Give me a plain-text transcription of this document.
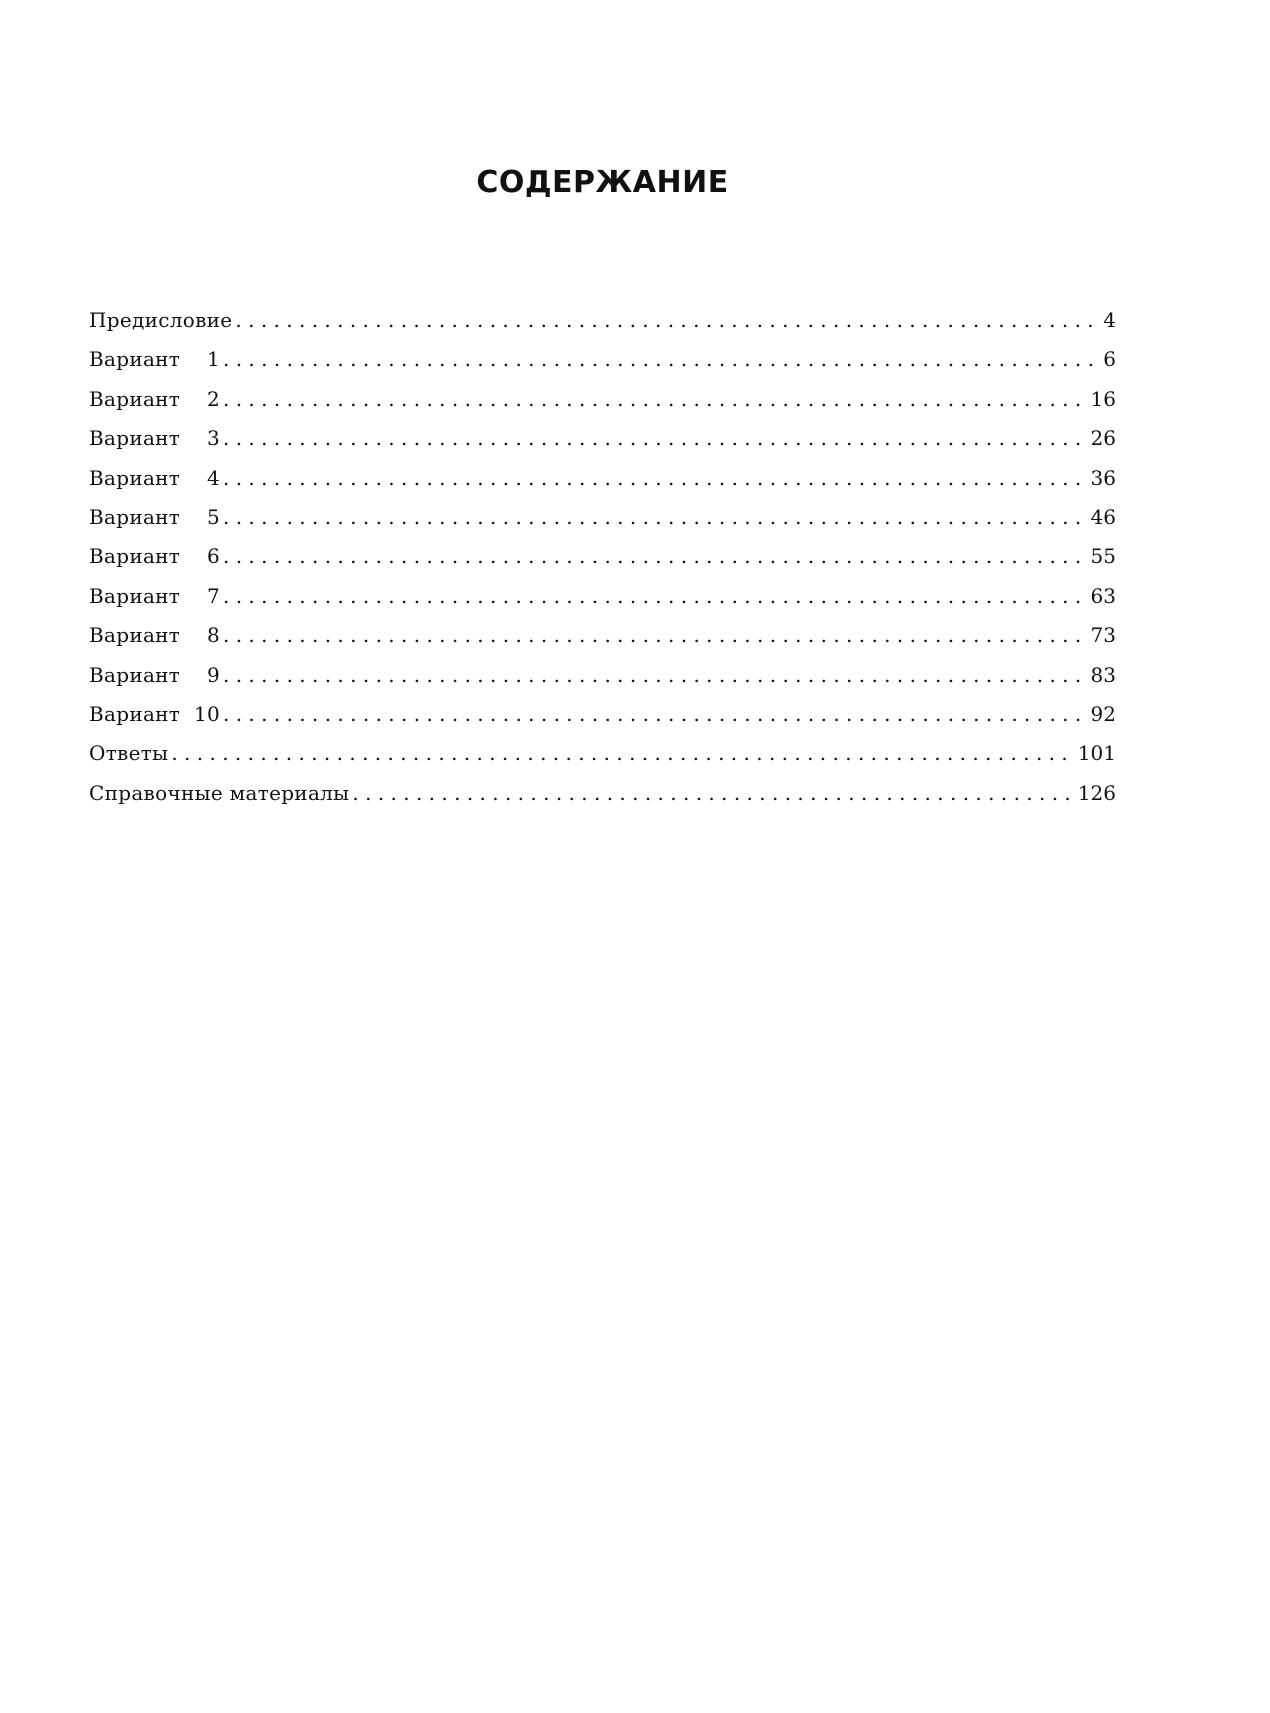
СОДЕРЖАНИЕ
Предисловие . . .	4
Вариант 1 . . .	6
Вариант 2 . . .	16
Вариант 3 . . .	26
Вариант 4 . . .	36
Вариант 5 . . .	46
Вариант 6 . . .	55
Вариант 7 . . .	63
Вариант 8 . . .	73
Вариант 9 . . .	83
Вариант 10 . . .	92
Ответы . . .	101
Справочные материалы . . .	126
